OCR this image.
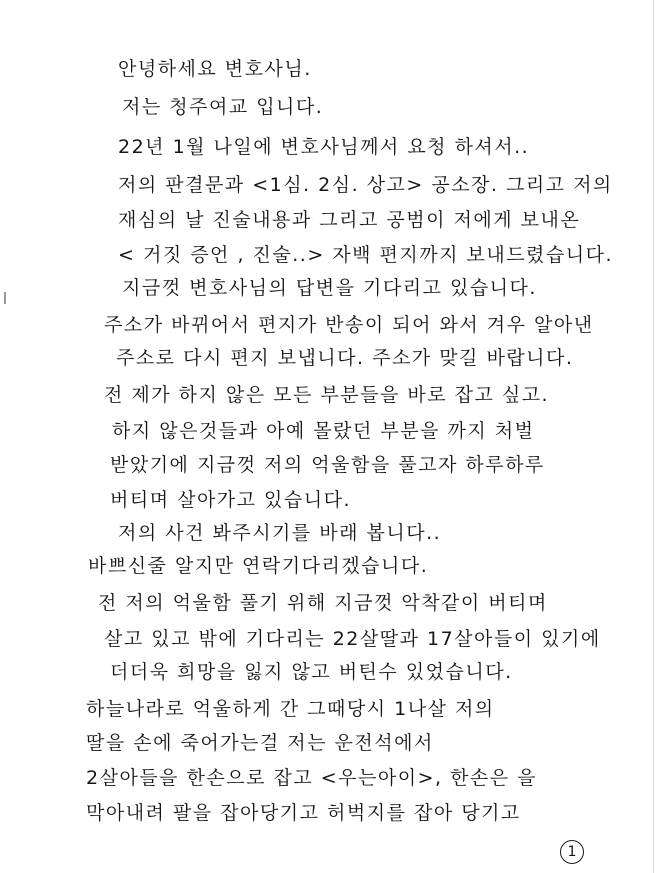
안녕하세요 변호사님.
저는 청주여교 입니다.
22년 1월 나일에 변호사님께서 요청 하셔서..
저의 판결문과 <1심. 2심. 상고> 공소장. 그리고 저의
재심의 날 진술내용과 그리고 공범이 저에게 보내온
< 거짓 증언 , 진술..> 자백 편지까지 보내드렸습니다.
지금껏 변호사님의 답변을 기다리고 있습니다.
주소가 바뀌어서 편지가 반송이 되어 와서 겨우 알아낸
주소로 다시 편지 보냅니다. 주소가 맞길 바랍니다.
전 제가 하지 않은 모든 부분들을 바로 잡고 싶고.
하지 않은것들과 아예 몰랐던 부분을 까지 처벌
받았기에 지금껏 저의 억울함을 풀고자 하루하루
버티며 살아가고 있습니다.
저의 사건 봐주시기를 바래 봅니다..
바쁘신줄 알지만 연락기다리겠습니다.
전 저의 억울함 풀기 위해 지금껏 악착같이 버티며
살고 있고 밖에 기다리는 22살딸과 17살아들이 있기에
더더욱 희망을 잃지 않고 버틴수 있었습니다.
하늘나라로 억울하게 간 그때당시 1나살 저의
딸을 손에 죽어가는걸 저는 운전석에서
2살아들을 한손으로 잡고 <우는아이>, 한손은 을
막아내려 팔을 잡아당기고 허벅지를 잡아 당기고
1
